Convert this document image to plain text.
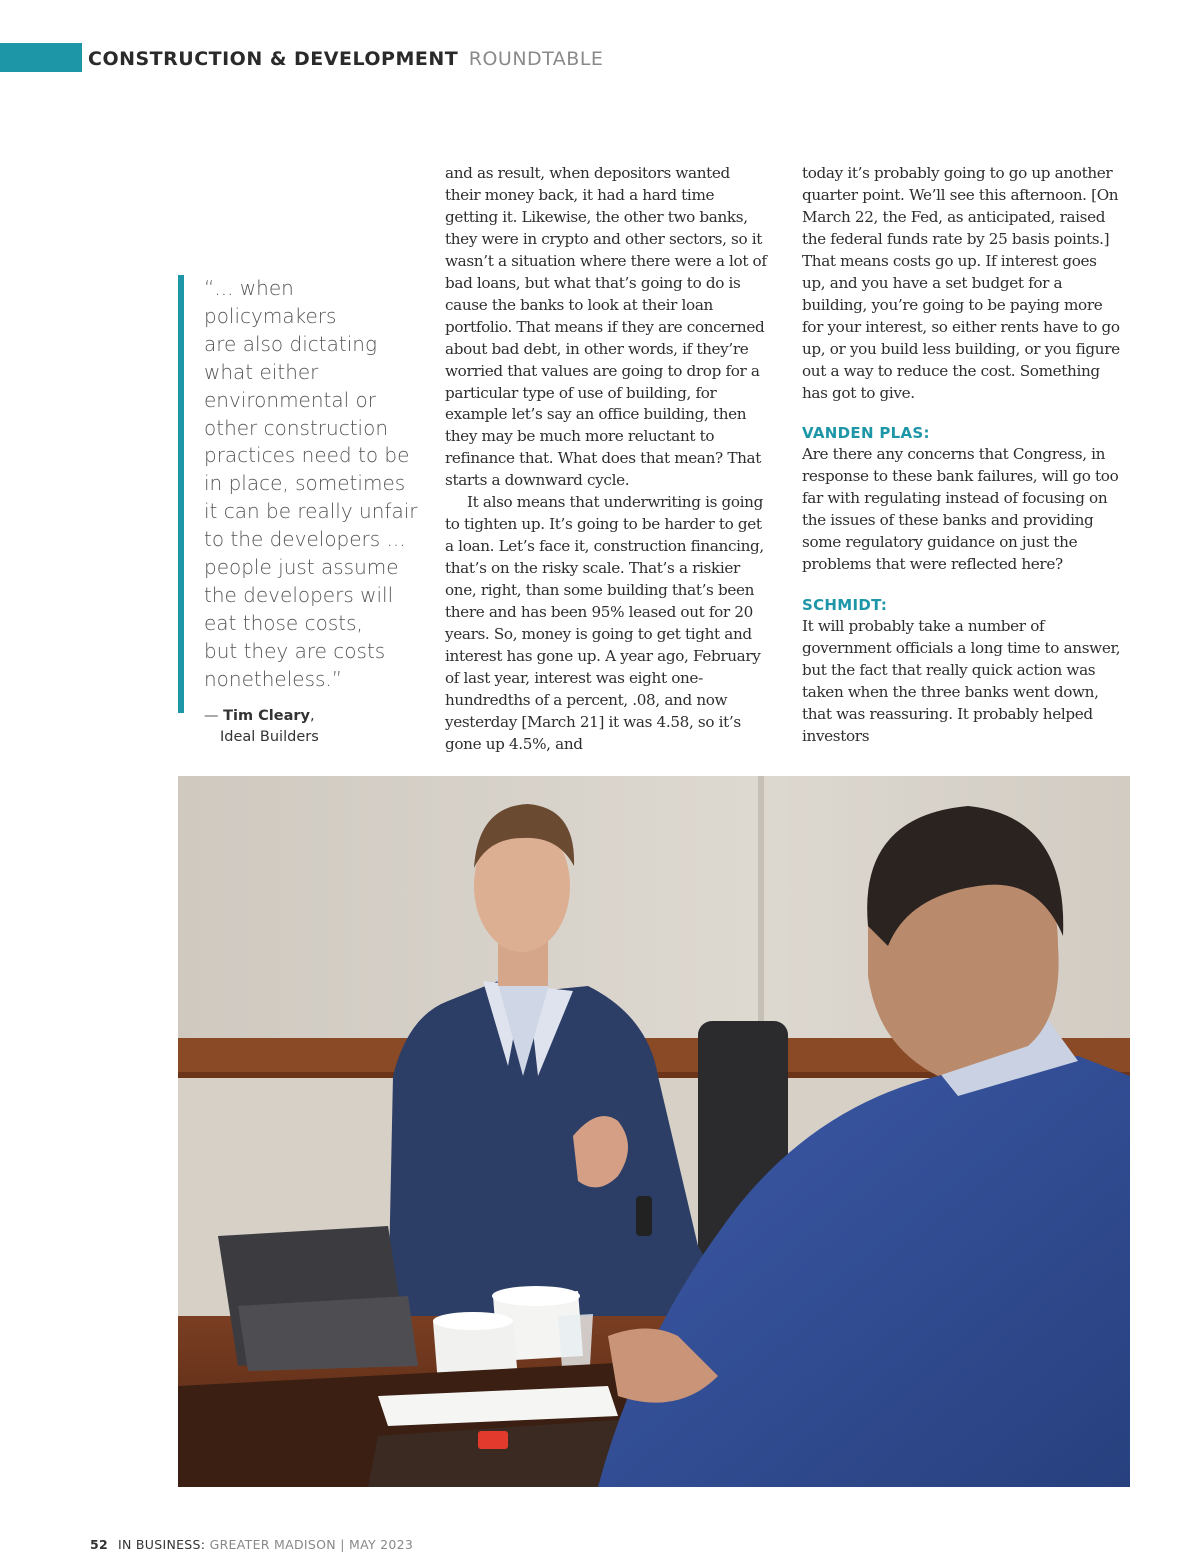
CONSTRUCTION & DEVELOPMENT ROUNDTABLE

“... when policymakers
are also dictating
what either
environmental or
other construction
practices need to be
in place, sometimes
it can be really unfair
to the developers ...
people just assume
the developers will
eat those costs,
but they are costs
nonetheless.”

— Tim Cleary,
Ideal Builders

and as result, when depositors wanted their money back, it had a hard time getting it. Likewise, the other two banks, they were in crypto and other sectors, so it wasn’t a situation where there were a lot of bad loans, but what that’s going to do is cause the banks to look at their loan portfolio. That means if they are concerned about bad debt, in other words, if they’re worried that values are going to drop for a particular type of use of building, for example let’s say an office building, then they may be much more reluctant to refinance that. What does that mean? That starts a downward cycle.

It also means that underwriting is going to tighten up. It’s going to be harder to get a loan. Let’s face it, construction financing, that’s on the risky scale. That’s a riskier one, right, than some building that’s been there and has been 95% leased out for 20 years. So, money is going to get tight and interest has gone up. A year ago, February of last year, interest was eight one-hundredths of a percent, .08, and now yesterday [March 21] it was 4.58, so it’s gone up 4.5%, and

today it’s probably going to go up another quarter point. We’ll see this afternoon. [On March 22, the Fed, as anticipated, raised the federal funds rate by 25 basis points.] That means costs go up. If interest goes up, and you have a set budget for a building, you’re going to be paying more for your interest, so either rents have to go up, or you build less building, or you figure out a way to reduce the cost. Something has got to give.

VANDEN PLAS:

Are there any concerns that Congress, in response to these bank failures, will go too far with regulating instead of focusing on the issues of these banks and providing some regulatory guidance on just the problems that were reflected here?

SCHMIDT:

It will probably take a number of government officials a long time to answer, but the fact that really quick action was taken when the three banks went down, that was reassuring. It probably helped investors

52 IN BUSINESS: GREATER MADISON | MAY 2023
